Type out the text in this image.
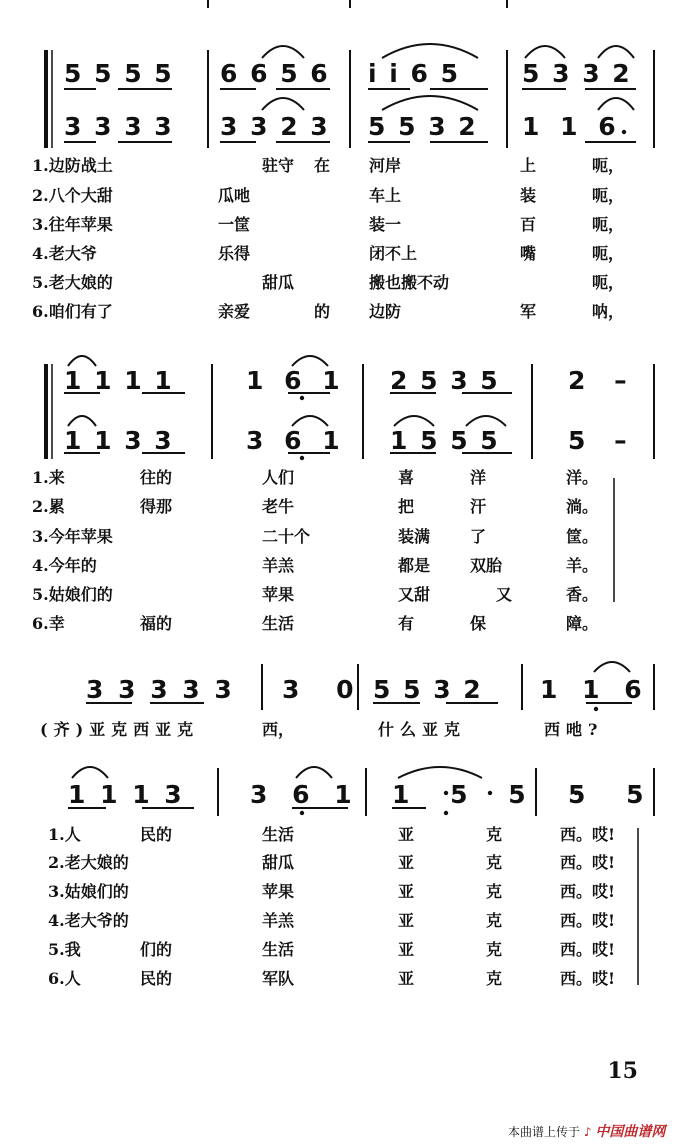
5 5 5 5 6 6 5 6 i i 6 5 5 3 3 2
3 3 3 3 3 3 2 3 5 5 3 2 1 1 6
1.边防战土	驻守 在 河岸	上	呃，
2.八个大甜	瓜吔	车上	装	呃，
3.往年苹果	一筐	装一	百	呃，
4.老大爷	乐得	闭不上	嘴	呃，
5.老大娘的	甜瓜	搬也搬不动	呃，
6.咱们有了	亲爱	的 边防	军	呐，
1 1 1 1	1 6 1 2 5 3 5	2 –
1 1 3 3	3 6 1 1 5 5 5	5 –
1.来	往的	人们	喜	洋	洋。
2.累	得那	老牛	把	汗	淌。
3.今年苹果	二十个	装满 了	筐。
4.今年的	羊羔	都是 双胎	羊。
5.姑娘们的	苹果	又甜	又	香。
6.幸	福的	生活	有	保	障。
3 3 3 3 3 3 0 5 5 3 2 1 1 6
(齐)亚克西亚克	西，	什么亚克	西吔?
1 1 1 3	3 6 1 1 5 5 5 5
1.人	民的	生活	亚	克	西。哎!
2.老大娘的	甜瓜	亚	克	西。哎!
3.姑娘们的	苹果	亚	克	西。哎!
4.老大爷的	羊羔	亚	克	西。哎!
5.我	们的	生活	亚	克	西。哎!
6.人	民的	军队	亚	克	西。哎!
15
本曲谱上传于 ♪ 中国曲谱网
